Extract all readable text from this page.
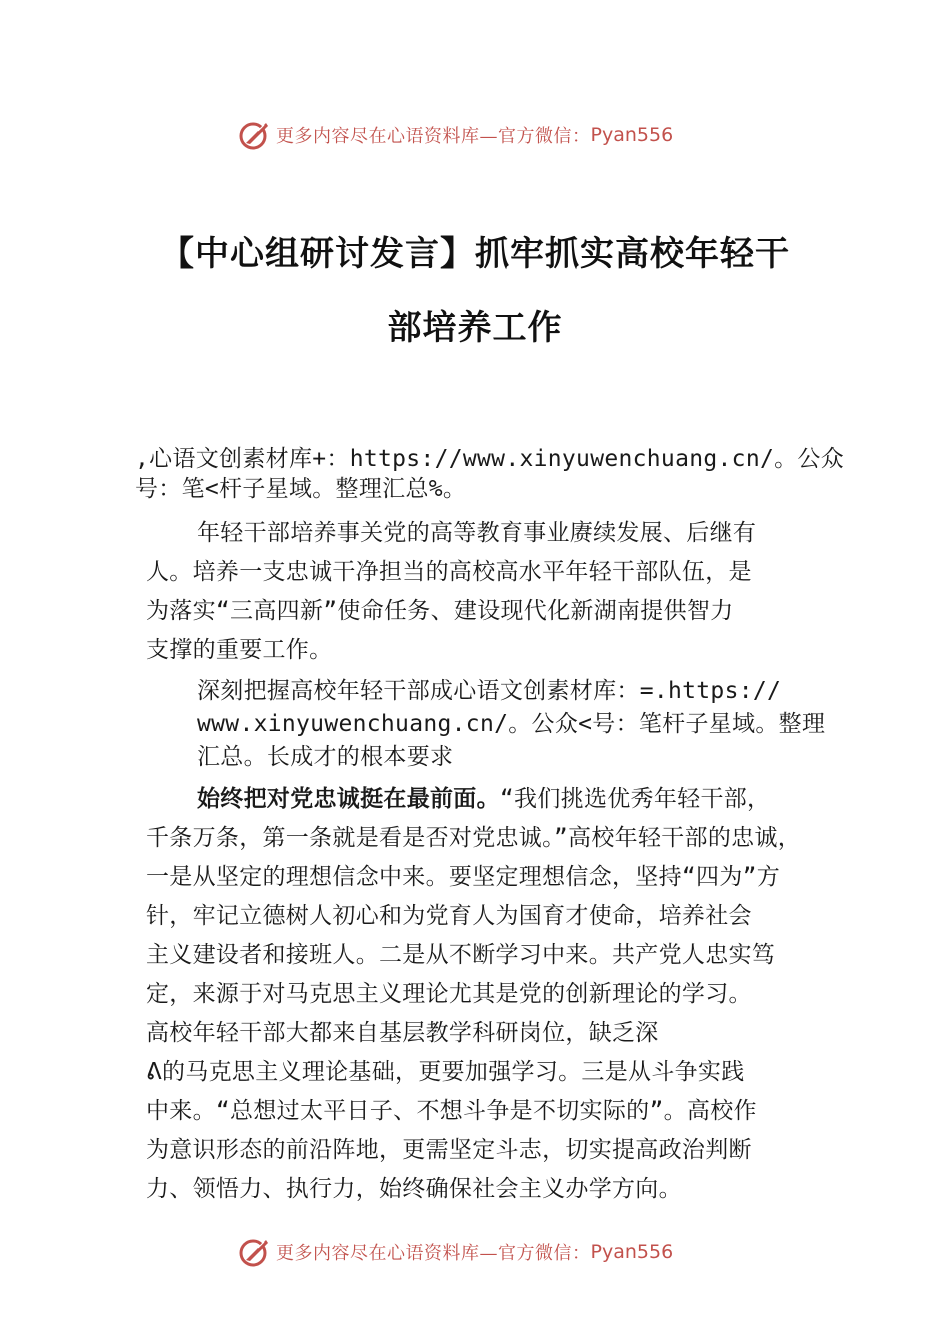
更多内容尽在心语资料库—官方微信： Pyan556
【中心组研讨发言】抓牢抓实高校年轻干
部培养工作
,心语文创素材库+：https://www.xinyuwenchuang.cn/。公众
号：笔<杆子星域。整理汇总%。
年轻干部培养事关党的高等教育事业赓续发展、后继有
人。培养一支忠诚干净担当的高校高水平年轻干部队伍，是
为落实“三高四新”使命任务、建设现代化新湖南提供智力
支撑的重要工作。
深刻把握高校年轻干部成心语文创素材库：=.https://
www.xinyuwenchuang.cn/。公众<号：笔杆子星域。整理
汇总。长成才的根本要求
始终把对党忠诚挺在最前面。“我们挑选优秀年轻干部，
千条万条，第一条就是看是否对党忠诚。”高校年轻干部的忠诚，
一是从坚定的理想信念中来。要坚定理想信念，坚持“四为”方
针，牢记立德树人初心和为党育人为国育才使命，培养社会
主义建设者和接班人。二是从不断学习中来。共产党人忠实笃
定，来源于对马克思主义理论尤其是党的创新理论的学习。
高校年轻干部大都来自基层教学科研岗位，缺乏深
ᕕ的马克思主义理论基础，更要加强学习。三是从斗争实践
中来。“总想过太平日子、不想斗争是不切实际的”。高校作
为意识形态的前沿阵地，更需坚定斗志，切实提高政治判断
力、领悟力、执行力，始终确保社会主义办学方向。
更多内容尽在心语资料库—官方微信： Pyan556
